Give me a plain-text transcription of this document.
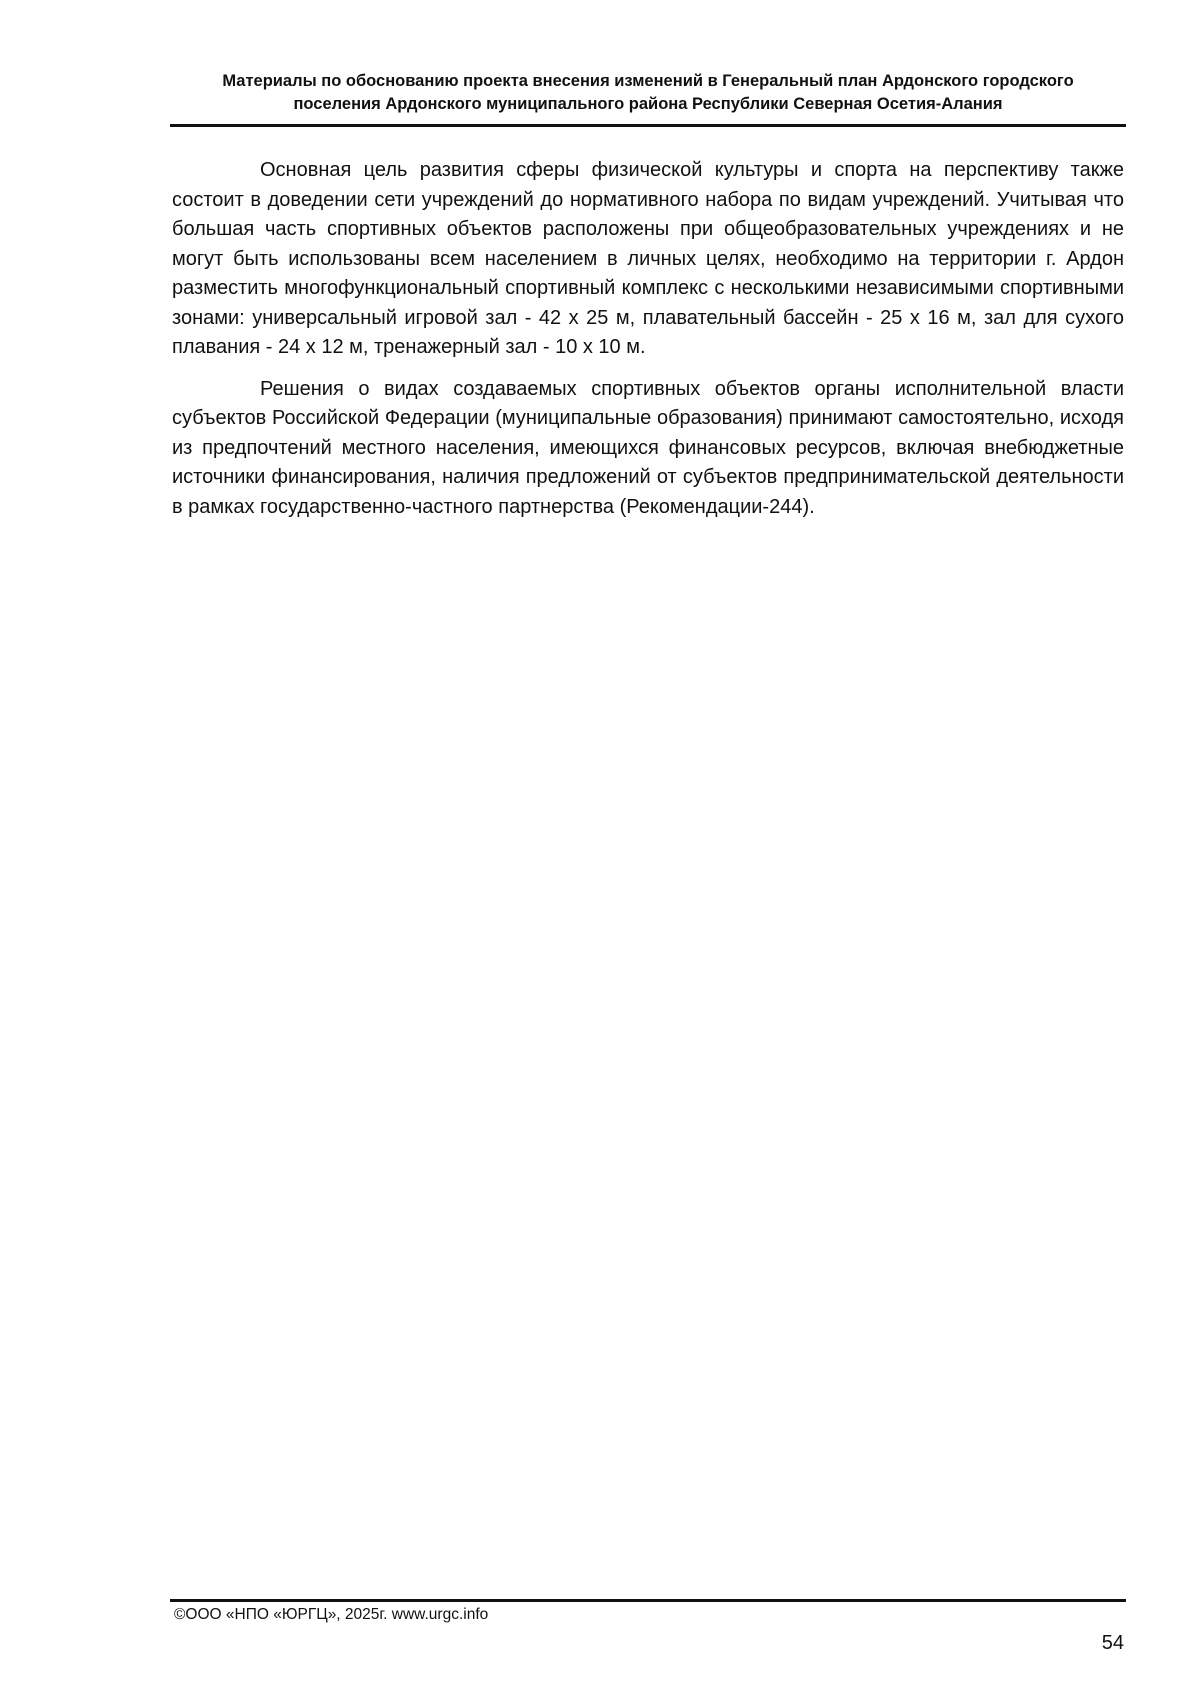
Материалы по обоснованию проекта внесения изменений в Генеральный план Ардонского городского
поселения Ардонского муниципального района Республики Северная Осетия-Алания

Основная цель развития сферы физической культуры и спорта на перспективу также состоит в доведении сети учреждений до нормативного набора по видам учреждений. Учитывая что большая часть спортивных объектов расположены при общеобразовательных учреждениях и не могут быть использованы всем населением в личных целях, необходимо на территории г. Ардон разместить многофункциональный спортивный комплекс с несколькими независимыми спортивными зонами: универсальный игровой зал - 42 х 25 м, плавательный бассейн - 25 х 16 м, зал для сухого плавания - 24 х 12 м, тренажерный зал - 10 х 10 м.

Решения о видах создаваемых спортивных объектов органы исполнительной власти субъектов Российской Федерации (муниципальные образования) принимают самостоятельно, исходя из предпочтений местного населения, имеющихся финансовых ресурсов, включая внебюджетные источники финансирования, наличия предложений от субъектов предпринимательской деятельности в рамках государственно-частного партнерства (Рекомендации-244).

©ООО «НПО «ЮРГЦ», 2025г. www.urgc.info
54
